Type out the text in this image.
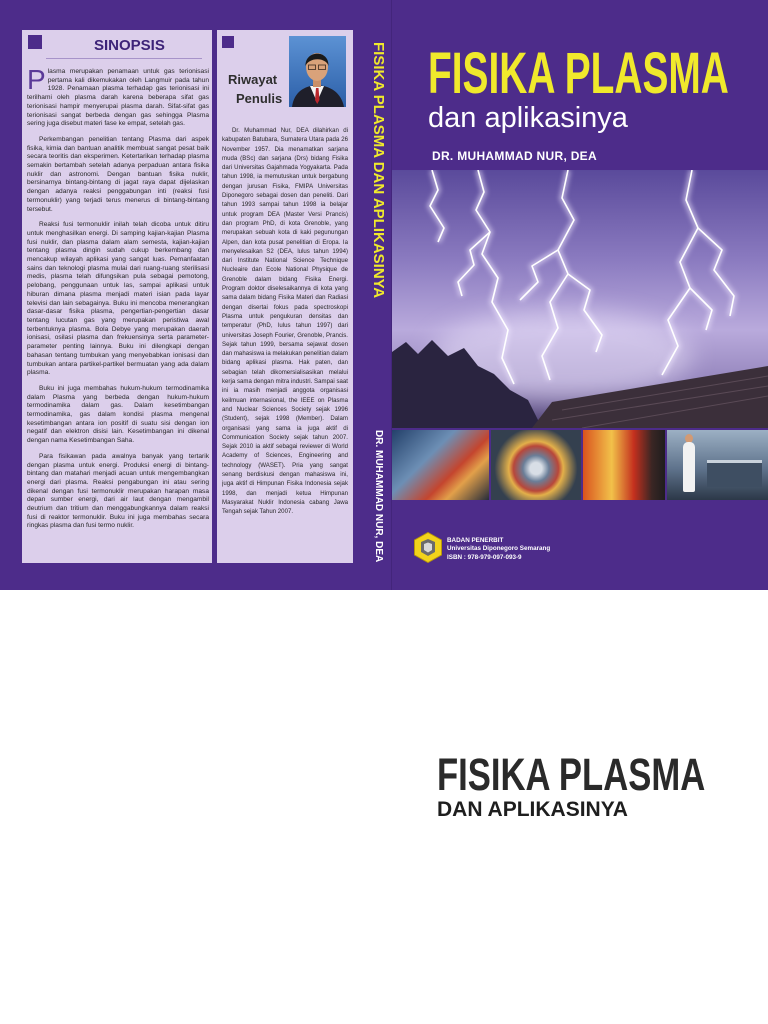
SINOPSIS

Plasma merupakan penamaan untuk gas terionisasi pertama kali dikemukakan oleh Langmuir pada tahun 1928. Penamaan plasma terhadap gas terionisasi ini terilhami oleh plasma darah karena beberapa sifat gas terionisasi hampir menyerupai plasma darah. Sifat-sifat gas terionisasi sangat berbeda dengan gas sehingga Plasma sering juga disebut materi fase ke empat, setelah gas.

Perkembangan penelitian tentang Plasma dari aspek fisika, kimia dan bantuan analitik membuat sangat pesat baik secara teoritis dan eksperimen. Ketertarikan terhadap plasma semakin bertambah setelah adanya perpaduan antara fisika nuklir dan astronomi. Dengan bantuan fisika nuklir, bersinarnya bintang-bintang di jagat raya dapat dijelaskan dengan adanya reaksi penggabungan inti (reaksi fusi termonuklir) yang terjadi terus menerus di bintang-bintang tersebut.

Reaksi fusi termonuklir inilah telah dicoba untuk ditiru untuk menghasilkan energi. Di samping kajian-kajian Plasma fusi nuklir, dan plasma dalam alam semesta, kajian-kajian tentang plasma dingin sudah cukup berkembang dan mencakup wilayah aplikasi yang sangat luas. Pemanfaatan sains dan teknologi plasma mulai dari ruang-ruang sterilisasi medis, plasma telah difungsikan pula sebagai pemotong, pelobang, penggunaan untuk las, sampai aplikasi untuk hiburan dimana plasma menjadi materi isian pada layar televisi dan lain sebagainya. Buku ini mencoba menerangkan dasar-dasar fisika plasma, pengertian-pengertian dasar tentang lucutan gas yang merupakan peristiwa awal terbentuknya plasma. Bola Debye yang merupakan daerah ionisasi, osilasi plasma dan frekuensinya serta parameter-parameter penting lainnya. Buku ini dilengkapi dengan bahasan tentang tumbukan yang menyebabkan ionisasi dan tumbukan antara partikel-partikel bermuatan yang ada dalam plasma.

Buku ini juga membahas hukum-hukum termodinamika dalam Plasma yang berbeda dengan hukum-hukum termodinamika dalam gas. Dalam kesetimbangan termodinamika, gas dalam kondisi plasma mengenal kesetimbangan antara ion positif di suatu sisi dengan ion negatif dan elektron disisi lain. Kesetimbangan ini dikenal dengan nama Kesetimbangan Saha.

Para fisikawan pada awalnya banyak yang tertarik dengan plasma untuk energi. Produksi energi di bintang-bintang dan matahari menjadi acuan untuk mengembangkan energi dari plasma. Reaksi pengabungan ini atau sering dikenal dengan fusi termonuklir merupakan harapan masa depan sumber energi, dari air laut dengan mengambil deutrium dan tritium dan menggabungkannya dalam reaksi fusi di reaktor termonuklir. Buku ini juga membahas secara ringkas plasma dan fusi termo nuklir.

Riwayat
Penulis

Dr. Muhammad Nur, DEA dilahirkan di kabupaten Batubara, Sumatera Utara pada 26 November 1957. Dia menamatkan sarjana muda (BSc) dan sarjana (Drs) bidang Fisika dari Universitas Gajahmada Yogyakarta. Pada tahun 1998, ia memutuskan untuk bergabung dengan jurusan Fisika, FMIPA Universitas Diponegoro sebagai dosen dan peneliti. Dari tahun 1993 sampai tahun 1998 ia belajar untuk program DEA (Master Versi Prancis) dan program PhD, di kota Grenoble, yang merupakan sebuah kota di kaki pegunungan Alpen, dan kota pusat penelitian di Eropa. Ia menyelesaikan S2 (DEA, lulus tahun 1994) dari Institute National Science Technique Nucleaire dan Ecole National Physique de Grenoble dalam bidang Fisika Energi. Program doktor diselesaikannya di kota yang sama dalam bidang Fisika Materi dan Radiasi dengan disertai fokus pada spectroskopi Plasma untuk pengukuran densitas dan temperatur (PhD, lulus tahun 1997) dari universitas Joseph Fourier, Grenoble, Prancis. Sejak tahun 1999, bersama sejawat dosen dan mahasiswa ia melakukan penelitian dalam bidang aplikasi plasma. Hak paten, dan sebagian telah dikomersialisasikan melalui kerja sama dengan mitra industri. Sampai saat ini ia masih menjadi anggota organisasi keilmuan internasional, the IEEE on Plasma and Nuclear Sciences Society sejak 1996 (Student), sejak 1998 (Member). Dalam organisasi yang sama ia juga aktif di Communication Society sejak tahun 2007. Sejak 2010 ia aktif sebagai reviewer di World Academy of Sciences, Engineering and technology (WASET). Pria yang sangat senang berdiskusi dengan mahasiswa ini, juga aktif di Himpunan Fisika Indonesia sejak 1998, dan menjadi ketua Himpunan Masyarakat Nuklir Indonesia cabang Jawa Tengah sejak Tahun 2007.

FISIKA PLASMA DAN APLIKASINYA
DR. MUHAMMAD NUR, DEA
FISIKA PLASMA
dan aplikasinya
DR. MUHAMMAD NUR, DEA
BADAN PENERBIT
Universitas Diponegoro Semarang
ISBN : 978-979-097-093-9
FISIKA PLASMA
DAN APLIKASINYA
